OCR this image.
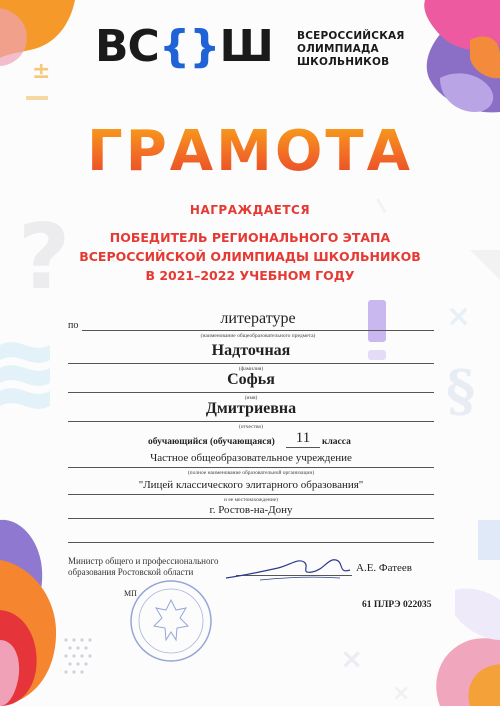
±
?
×
§
×
×
ВС{}Ш ВСЕРОССИЙСКАЯ
ОЛИМПИАДА
ШКОЛЬНИКОВ
ГРАМОТА
НАГРАЖДАЕТСЯ
ПОБЕДИТЕЛЬ РЕГИОНАЛЬНОГО ЭТАПА
ВСЕРОССИЙСКОЙ ОЛИМПИАДЫ ШКОЛЬНИКОВ
В 2021–2022 УЧЕБНОМ ГОДУ
по	литературе
(наименование общеобразовательного предмета)
Надточная
(фамилия)
Софья
(имя)
Дмитриевна
(отчество)
обучающийся (обучающаяся)	11	класса
Частное общеобразовательное учреждение
(полное наименование образовательной организации)
"Лицей классического элитарного образования"
и ее местонахождение)
г. Ростов-на-Дону
Министр общего и профессионального
образования Ростовской области	А.Е. Фатеев
МП
61 ПЛРЭ 022035
